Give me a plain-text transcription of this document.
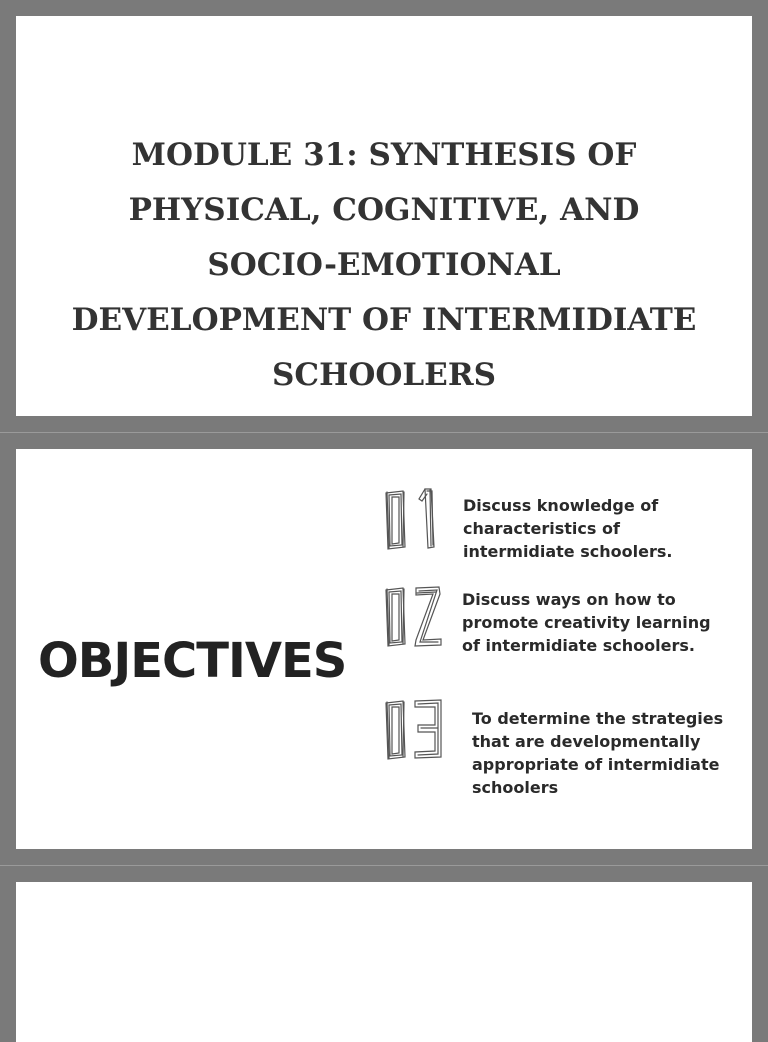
MODULE 31: SYNTHESIS OF
PHYSICAL, COGNITIVE, AND
SOCIO-EMOTIONAL
DEVELOPMENT OF INTERMIDIATE
SCHOOLERS
OBJECTIVES

Discuss knowledge of
characteristics of
intermidiate schoolers.

Discuss ways on how to
promote creativity learning
of intermidiate schoolers.

To determine the strategies
that are developmentally
appropriate of intermidiate
schoolers
